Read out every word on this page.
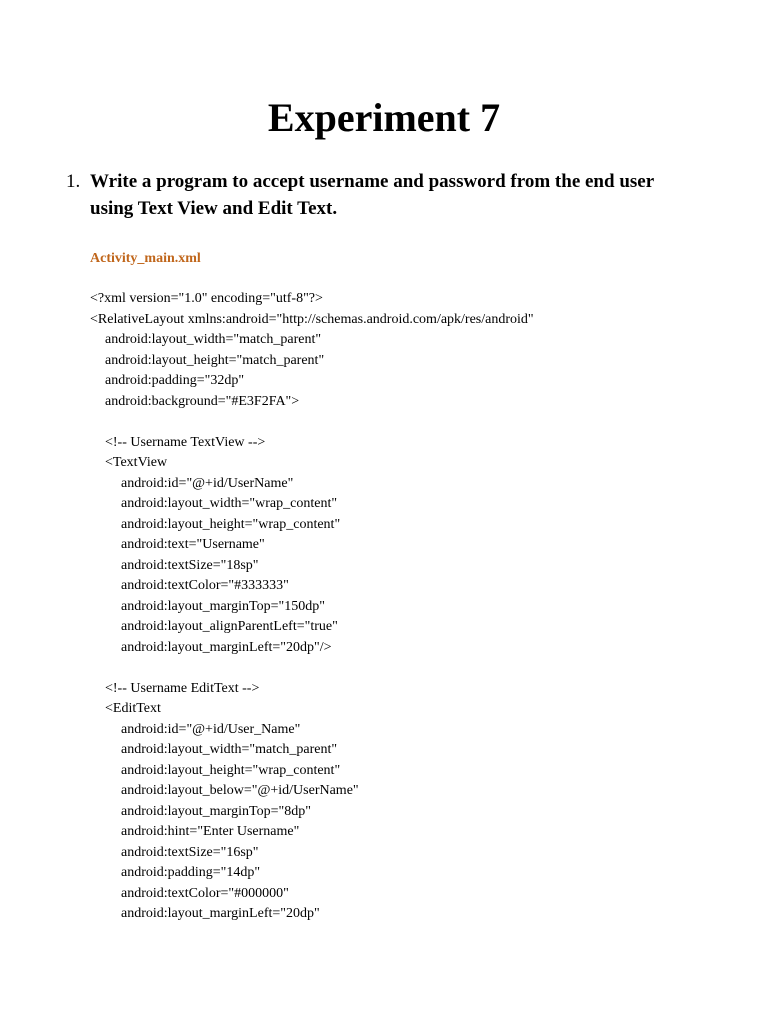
Experiment 7
1. Write a program to accept username and password from the end user using Text View and Edit Text.
Activity_main.xml
<?xml version="1.0" encoding="utf-8"?>
<RelativeLayout xmlns:android="http://schemas.android.com/apk/res/android"
android:layout_width="match_parent"
android:layout_height="match_parent"
android:padding="32dp"
android:background="#E3F2FA">
<!-- Username TextView -->
<TextView
android:id="@+id/UserName"
android:layout_width="wrap_content"
android:layout_height="wrap_content"
android:text="Username"
android:textSize="18sp"
android:textColor="#333333"
android:layout_marginTop="150dp"
android:layout_alignParentLeft="true"
android:layout_marginLeft="20dp"/>
<!-- Username EditText -->
<EditText
android:id="@+id/User_Name"
android:layout_width="match_parent"
android:layout_height="wrap_content"
android:layout_below="@+id/UserName"
android:layout_marginTop="8dp"
android:hint="Enter Username"
android:textSize="16sp"
android:padding="14dp"
android:textColor="#000000"
android:layout_marginLeft="20dp"
